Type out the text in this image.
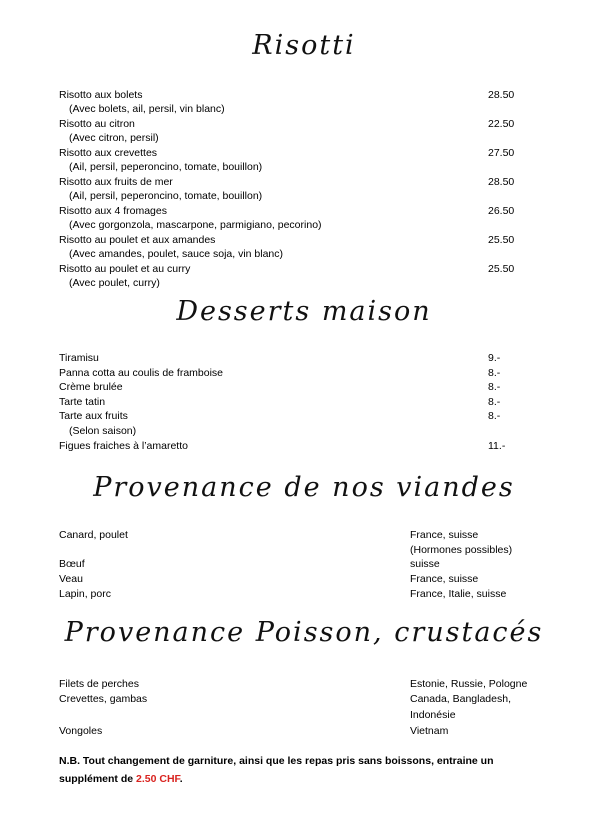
Risotti
Risotto aux bolets	28.50
(Avec bolets, ail, persil, vin blanc)
Risotto au citron	22.50
(Avec citron, persil)
Risotto aux crevettes	27.50
(Ail, persil, peperoncino, tomate, bouillon)
Risotto aux fruits de mer	28.50
(Ail, persil, peperoncino, tomate, bouillon)
Risotto aux 4 fromages	26.50
(Avec gorgonzola, mascarpone, parmigiano, pecorino)
Risotto au poulet et aux amandes	25.50
(Avec amandes, poulet, sauce soja, vin blanc)
Risotto au poulet et au curry	25.50
(Avec poulet, curry)
Desserts maison
Tiramisu	9.-
Panna cotta au coulis de framboise	8.-
Crème brulée	8.-
Tarte tatin	8.-
Tarte aux fruits	8.-
(Selon saison)
Figues fraiches à l’amaretto	11.-
Provenance de nos viandes
Canard, poulet	France, suisse
(Hormones possibles)
Bœuf	suisse
Veau	France, suisse
Lapin, porc	France, Italie, suisse
Provenance Poisson, crustacés
Filets de perches	Estonie, Russie, Pologne
Crevettes, gambas	Canada, Bangladesh,
Indonésie
Vongoles	Vietnam
N.B. Tout changement de garniture, ainsi que les repas pris sans boissons, entraine un supplément de 2.50 CHF.
